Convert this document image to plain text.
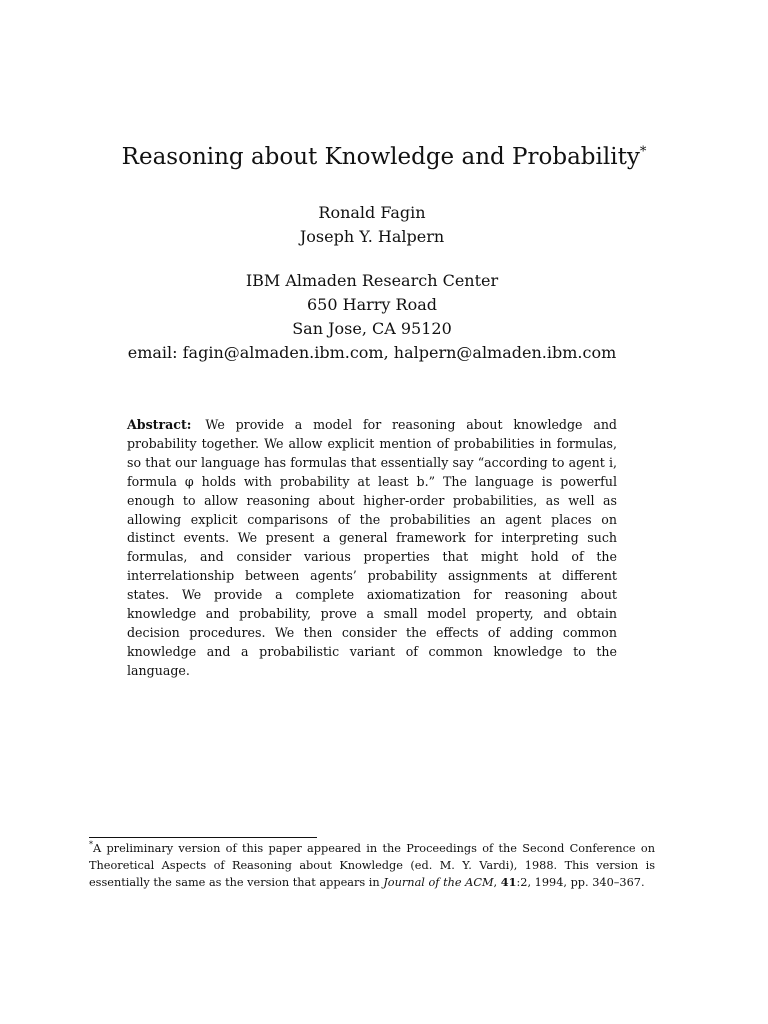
Reasoning about Knowledge and Probability*
Ronald Fagin
Joseph Y. Halpern
IBM Almaden Research Center
650 Harry Road
San Jose, CA 95120
email: fagin@almaden.ibm.com, halpern@almaden.ibm.com
Abstract: We provide a model for reasoning about knowledge and probability together. We allow explicit mention of probabilities in formulas, so that our language has formulas that essentially say “according to agent i, formula φ holds with probability at least b.” The language is powerful enough to allow reasoning about higher-order probabilities, as well as allowing explicit comparisons of the probabilities an agent places on distinct events. We present a general framework for interpreting such formulas, and consider various properties that might hold of the interrelationship between agents’ probability assignments at different states. We provide a complete axiomatization for reasoning about knowledge and probability, prove a small model property, and obtain decision procedures. We then consider the effects of adding common knowledge and a probabilistic variant of common knowledge to the language.
*A preliminary version of this paper appeared in the Proceedings of the Second Conference on Theoretical Aspects of Reasoning about Knowledge (ed. M. Y. Vardi), 1988. This version is essentially the same as the version that appears in Journal of the ACM, 41:2, 1994, pp. 340–367.
